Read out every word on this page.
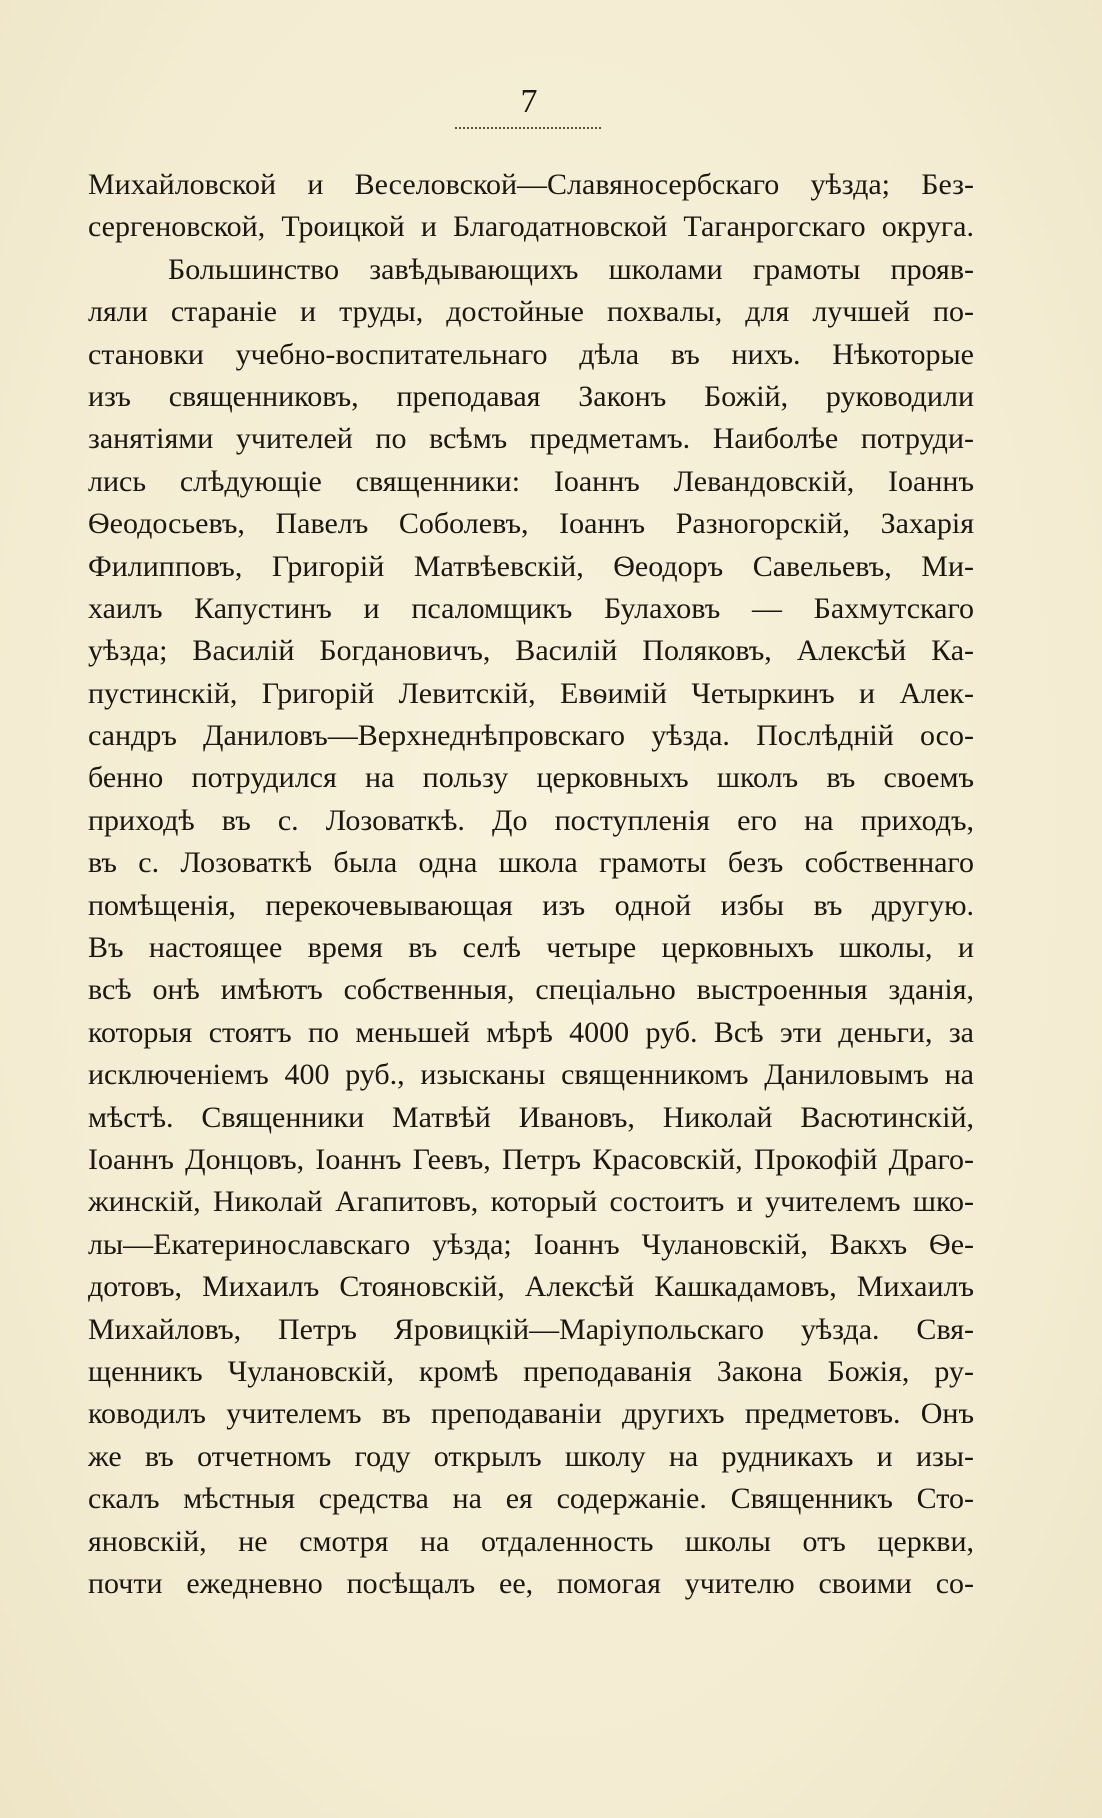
7
Михайловской и Веселовской—Славяносербскаго уѣзда; Без-
сергеновской, Троицкой и Благодатновской Таганрогскаго округа.
Большинство завѣдывающихъ школами грамоты прояв-
ляли стараніе и труды, достойные похвалы, для лучшей по-
становки учебно-воспитательнаго дѣла въ нихъ. Нѣкоторые
изъ священниковъ, преподавая Законъ Божій, руководили
занятіями учителей по всѣмъ предметамъ. Наиболѣе потруди-
лись слѣдующіе священники: Іоаннъ Левандовскій, Іоаннъ
Ѳеодосьевъ, Павелъ Соболевъ, Іоаннъ Разногорскій, Захарія
Филипповъ, Григорій Матвѣевскій, Ѳеодоръ Савельевъ, Ми-
хаилъ Капустинъ и псаломщикъ Булаховъ — Бахмутскаго
уѣзда; Василій Богдановичъ, Василій Поляковъ, Алексѣй Ка-
пустинскій, Григорій Левитскій, Евѳимій Четыркинъ и Алек-
сандръ Даниловъ—Верхнеднѣпровскаго уѣзда. Послѣдній осо-
бенно потрудился на пользу церковныхъ школъ въ своемъ
приходѣ въ с. Лозоваткѣ. До поступленія его на приходъ,
въ с. Лозоваткѣ была одна школа грамоты безъ собственнаго
помѣщенія, перекочевывающая изъ одной избы въ другую.
Въ настоящее время въ селѣ четыре церковныхъ школы, и
всѣ онѣ имѣютъ собственныя, спеціально выстроенныя зданія,
которыя стоятъ по меньшей мѣрѣ 4000 руб. Всѣ эти деньги, за
исключеніемъ 400 руб., изысканы священникомъ Даниловымъ на
мѣстѣ. Священники Матвѣй Ивановъ, Николай Васютинскій,
Іоаннъ Донцовъ, Іоаннъ Геевъ, Петръ Красовскій, Прокофій Драго-
жинскій, Николай Агапитовъ, который состоитъ и учителемъ шко-
лы—Екатеринославскаго уѣзда; Іоаннъ Чулановскій, Вакхъ Ѳе-
дотовъ, Михаилъ Стояновскій, Алексѣй Кашкадамовъ, Михаилъ
Михайловъ, Петръ Яровицкій—Маріупольскаго уѣзда. Свя-
щенникъ Чулановскій, кромѣ преподаванія Закона Божія, ру-
ководилъ учителемъ въ преподаваніи другихъ предметовъ. Онъ
же въ отчетномъ году открылъ школу на рудникахъ и изы-
скалъ мѣстныя средства на ея содержаніе. Священникъ Сто-
яновскій, не смотря на отдаленность школы отъ церкви,
почти ежедневно посѣщалъ ее, помогая учителю своими со-
